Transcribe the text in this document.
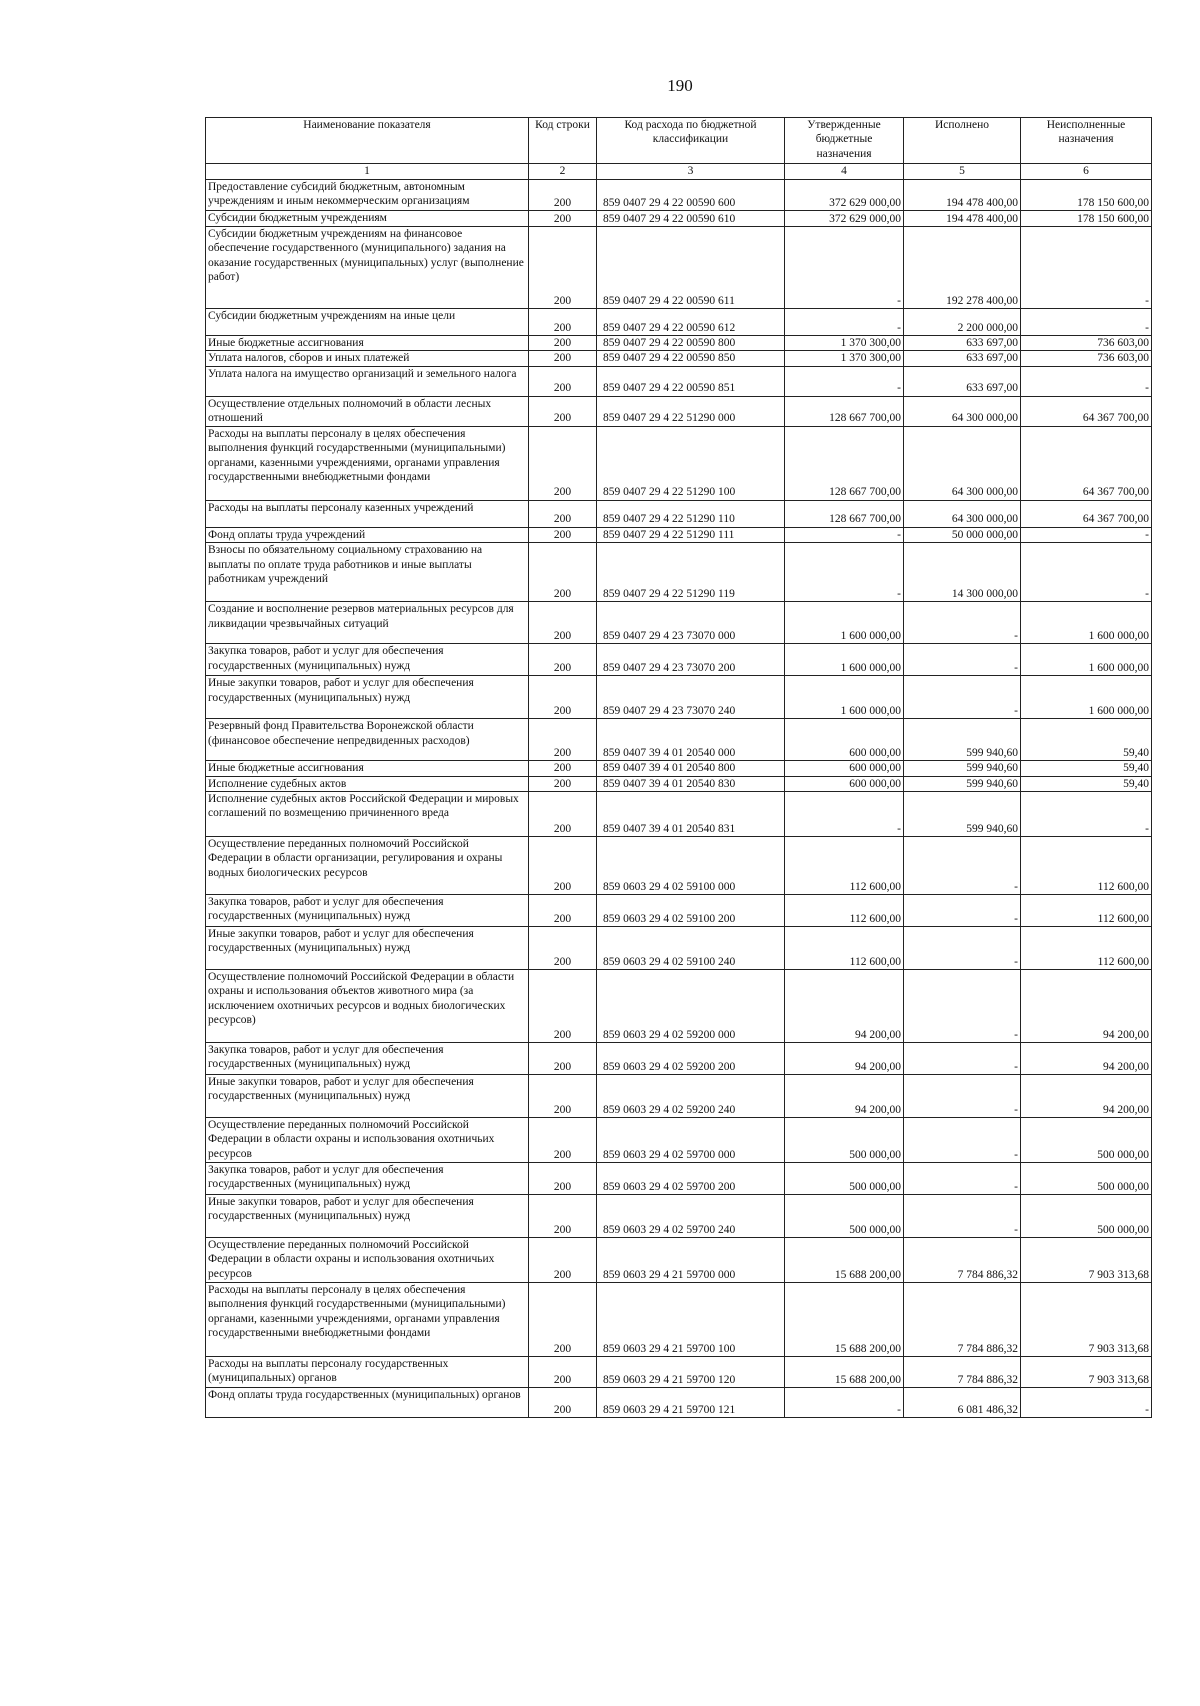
190
Наименование показателя	Код строки	Код расхода по бюджетной классификации	Утвержденные бюджетные назначения	Исполнено	Неисполненные назначения
1	2	3	4	5	6
Предоставление субсидий бюджетным, автономным учреждениям и иным некоммерческим организациям	200	859 0407 29 4 22 00590 600	372 629 000,00	194 478 400,00	178 150 600,00
Субсидии бюджетным учреждениям	200	859 0407 29 4 22 00590 610	372 629 000,00	194 478 400,00	178 150 600,00
Субсидии бюджетным учреждениям на финансовое обеспечение государственного (муниципального) задания на оказание государственных (муниципальных) услуг (выполнение работ)	200	859 0407 29 4 22 00590 611	-	192 278 400,00	-
Субсидии бюджетным учреждениям на иные цели	200	859 0407 29 4 22 00590 612	-	2 200 000,00	-
Иные бюджетные ассигнования	200	859 0407 29 4 22 00590 800	1 370 300,00	633 697,00	736 603,00
Уплата налогов, сборов и иных платежей	200	859 0407 29 4 22 00590 850	1 370 300,00	633 697,00	736 603,00
Уплата налога на имущество организаций и земельного налога	200	859 0407 29 4 22 00590 851	-	633 697,00	-
Осуществление отдельных полномочий в области лесных отношений	200	859 0407 29 4 22 51290 000	128 667 700,00	64 300 000,00	64 367 700,00
Расходы на выплаты персоналу в целях обеспечения выполнения функций государственными (муниципальными) органами, казенными учреждениями, органами управления государственными внебюджетными фондами	200	859 0407 29 4 22 51290 100	128 667 700,00	64 300 000,00	64 367 700,00
Расходы на выплаты персоналу казенных учреждений	200	859 0407 29 4 22 51290 110	128 667 700,00	64 300 000,00	64 367 700,00
Фонд оплаты труда учреждений	200	859 0407 29 4 22 51290 111	-	50 000 000,00	-
Взносы по обязательному социальному страхованию на выплаты по оплате труда работников и иные выплаты работникам учреждений	200	859 0407 29 4 22 51290 119	-	14 300 000,00	-
Создание и восполнение резервов материальных ресурсов для ликвидации чрезвычайных ситуаций	200	859 0407 29 4 23 73070 000	1 600 000,00	-	1 600 000,00
Закупка товаров, работ и услуг для обеспечения государственных (муниципальных) нужд	200	859 0407 29 4 23 73070 200	1 600 000,00	-	1 600 000,00
Иные закупки товаров, работ и услуг для обеспечения государственных (муниципальных) нужд	200	859 0407 29 4 23 73070 240	1 600 000,00	-	1 600 000,00
Резервный фонд Правительства Воронежской области (финансовое обеспечение непредвиденных расходов)	200	859 0407 39 4 01 20540 000	600 000,00	599 940,60	59,40
Иные бюджетные ассигнования	200	859 0407 39 4 01 20540 800	600 000,00	599 940,60	59,40
Исполнение судебных актов	200	859 0407 39 4 01 20540 830	600 000,00	599 940,60	59,40
Исполнение судебных актов Российской Федерации и мировых соглашений по возмещению причиненного вреда	200	859 0407 39 4 01 20540 831	-	599 940,60	-
Осуществление переданных полномочий Российской Федерации в области организации, регулирования и охраны водных биологических ресурсов	200	859 0603 29 4 02 59100 000	112 600,00	-	112 600,00
Закупка товаров, работ и услуг для обеспечения государственных (муниципальных) нужд	200	859 0603 29 4 02 59100 200	112 600,00	-	112 600,00
Иные закупки товаров, работ и услуг для обеспечения государственных (муниципальных) нужд	200	859 0603 29 4 02 59100 240	112 600,00	-	112 600,00
Осуществление полномочий Российской Федерации в области охраны и использования объектов животного мира (за исключением охотничьих ресурсов и водных биологических ресурсов)	200	859 0603 29 4 02 59200 000	94 200,00	-	94 200,00
Закупка товаров, работ и услуг для обеспечения государственных (муниципальных) нужд	200	859 0603 29 4 02 59200 200	94 200,00	-	94 200,00
Иные закупки товаров, работ и услуг для обеспечения государственных (муниципальных) нужд	200	859 0603 29 4 02 59200 240	94 200,00	-	94 200,00
Осуществление переданных полномочий Российской Федерации в области охраны и использования охотничьих ресурсов	200	859 0603 29 4 02 59700 000	500 000,00	-	500 000,00
Закупка товаров, работ и услуг для обеспечения государственных (муниципальных) нужд	200	859 0603 29 4 02 59700 200	500 000,00	-	500 000,00
Иные закупки товаров, работ и услуг для обеспечения государственных (муниципальных) нужд	200	859 0603 29 4 02 59700 240	500 000,00	-	500 000,00
Осуществление переданных полномочий Российской Федерации в области охраны и использования охотничьих ресурсов	200	859 0603 29 4 21 59700 000	15 688 200,00	7 784 886,32	7 903 313,68
Расходы на выплаты персоналу в целях обеспечения выполнения функций государственными (муниципальными) органами, казенными учреждениями, органами управления государственными внебюджетными фондами	200	859 0603 29 4 21 59700 100	15 688 200,00	7 784 886,32	7 903 313,68
Расходы на выплаты персоналу государственных (муниципальных) органов	200	859 0603 29 4 21 59700 120	15 688 200,00	7 784 886,32	7 903 313,68
Фонд оплаты труда государственных (муниципальных) органов	200	859 0603 29 4 21 59700 121	-	6 081 486,32	-
